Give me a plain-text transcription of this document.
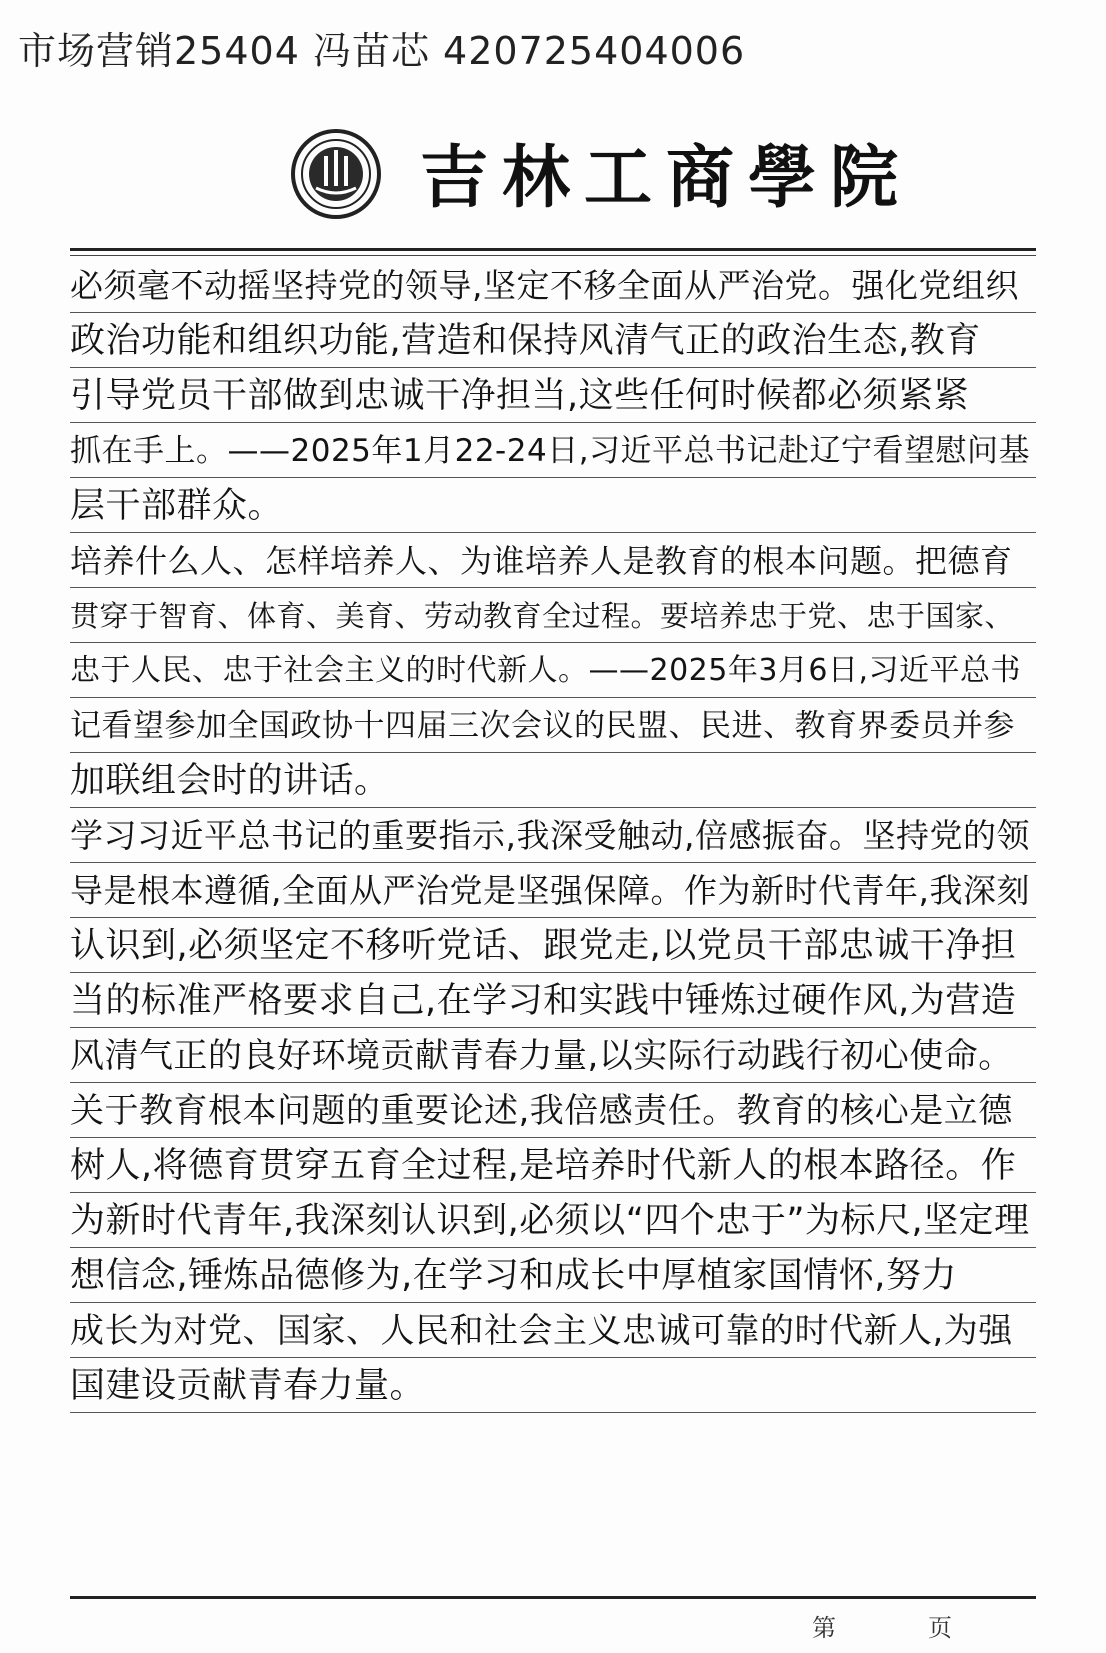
市场营销25404 冯苗芯 420725404006
吉林工商學院
必须毫不动摇坚持党的领导,坚定不移全面从严治党。强化党组织
政治功能和组织功能,营造和保持风清气正的政治生态,教育
引导党员干部做到忠诚干净担当,这些任何时候都必须紧紧
抓在手上。——2025年1月22-24日,习近平总书记赴辽宁看望慰问基
层干部群众。
培养什么人、怎样培养人、为谁培养人是教育的根本问题。把德育
贯穿于智育、体育、美育、劳动教育全过程。要培养忠于党、忠于国家、
忠于人民、忠于社会主义的时代新人。——2025年3月6日,习近平总书
记看望参加全国政协十四届三次会议的民盟、民进、教育界委员并参
加联组会时的讲话。
学习习近平总书记的重要指示,我深受触动,倍感振奋。坚持党的领
导是根本遵循,全面从严治党是坚强保障。作为新时代青年,我深刻
认识到,必须坚定不移听党话、跟党走,以党员干部忠诚干净担
当的标准严格要求自己,在学习和实践中锤炼过硬作风,为营造
风清气正的良好环境贡献青春力量,以实际行动践行初心使命。
关于教育根本问题的重要论述,我倍感责任。教育的核心是立德
树人,将德育贯穿五育全过程,是培养时代新人的根本路径。作
为新时代青年,我深刻认识到,必须以“四个忠于”为标尺,坚定理
想信念,锤炼品德修为,在学习和成长中厚植家国情怀,努力
成长为对党、国家、人民和社会主义忠诚可靠的时代新人,为强
国建设贡献青春力量。
第	页
